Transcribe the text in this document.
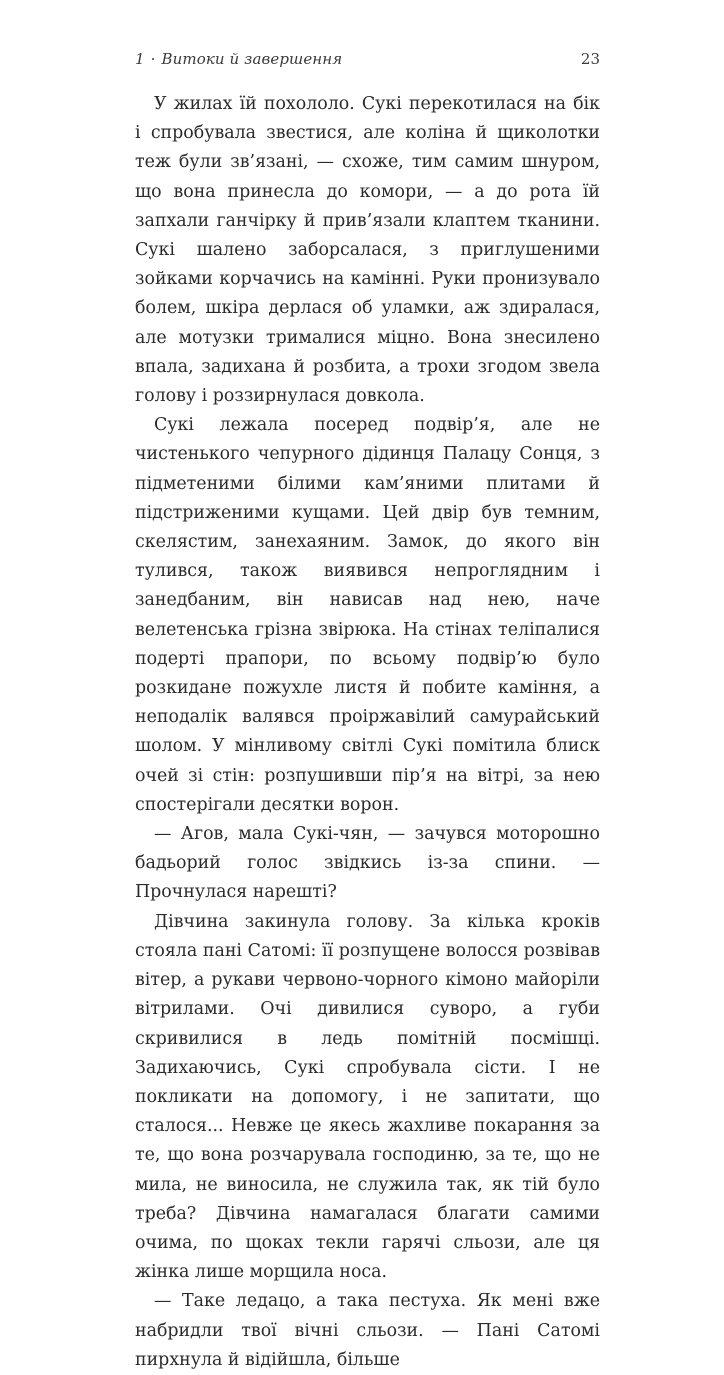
1 · Витоки й завершення	23

У жилах їй похололо. Сукі перекотилася на бік і спробувала звестися, але коліна й щиколотки теж були зв’язані, — схоже, тим самим шнуром, що вона принесла до комори, — а до рота їй запхали ганчірку й прив’язали клаптем тканини. Сукі шалено заборсалася, з приглушеними зойками корчачись на камінні. Руки пронизувало болем, шкіра дерлася об уламки, аж здиралася, але мотузки трималися міцно. Вона знесилено впала, задихана й розбита, а трохи згодом звела голову і роззирнулася довкола.

Сукі лежала посеред подвір’я, але не чистенького чепурного дідинця Палацу Сонця, з підметеними білими кам’яними плитами й підстриженими кущами. Цей двір був темним, скелястим, занехаяним. Замок, до якого він тулився, також виявився непроглядним і занедбаним, він нависав над нею, наче велетенська грізна звірюка. На стінах теліпалися подерті прапори, по всьому подвір’ю було розкидане пожухле листя й побите каміння, а неподалік валявся проіржавілий самурайський шолом. У мінливому світлі Сукі помітила блиск очей зі стін: розпушивши пір’я на вітрі, за нею спостерігали десятки ворон.

— Агов, мала Сукі-чян, — зачувся моторошно бадьорий голос звідкись із-за спини. — Прочнулася нарешті?

Дівчина закинула голову. За кілька кроків стояла пані Сатомі: її розпущене волосся розвівав вітер, а рукави червоно-чорного кімоно майоріли вітрилами. Очі дивилися суворо, а губи скривилися в ледь помітній посмішці. Задихаючись, Сукі спробувала сісти. І не покликати на допомогу, і не запитати, що сталося... Невже це якесь жахливе покарання за те, що вона розчарувала господиню, за те, що не мила, не виносила, не служила так, як тій було треба? Дівчина намагалася благати самими очима, по щоках текли гарячі сльози, але ця жінка лише морщила носа.

— Таке ледацо, а така пестуха. Як мені вже набридли твої вічні сльози. — Пані Сатомі пирхнула й відійшла, більше
